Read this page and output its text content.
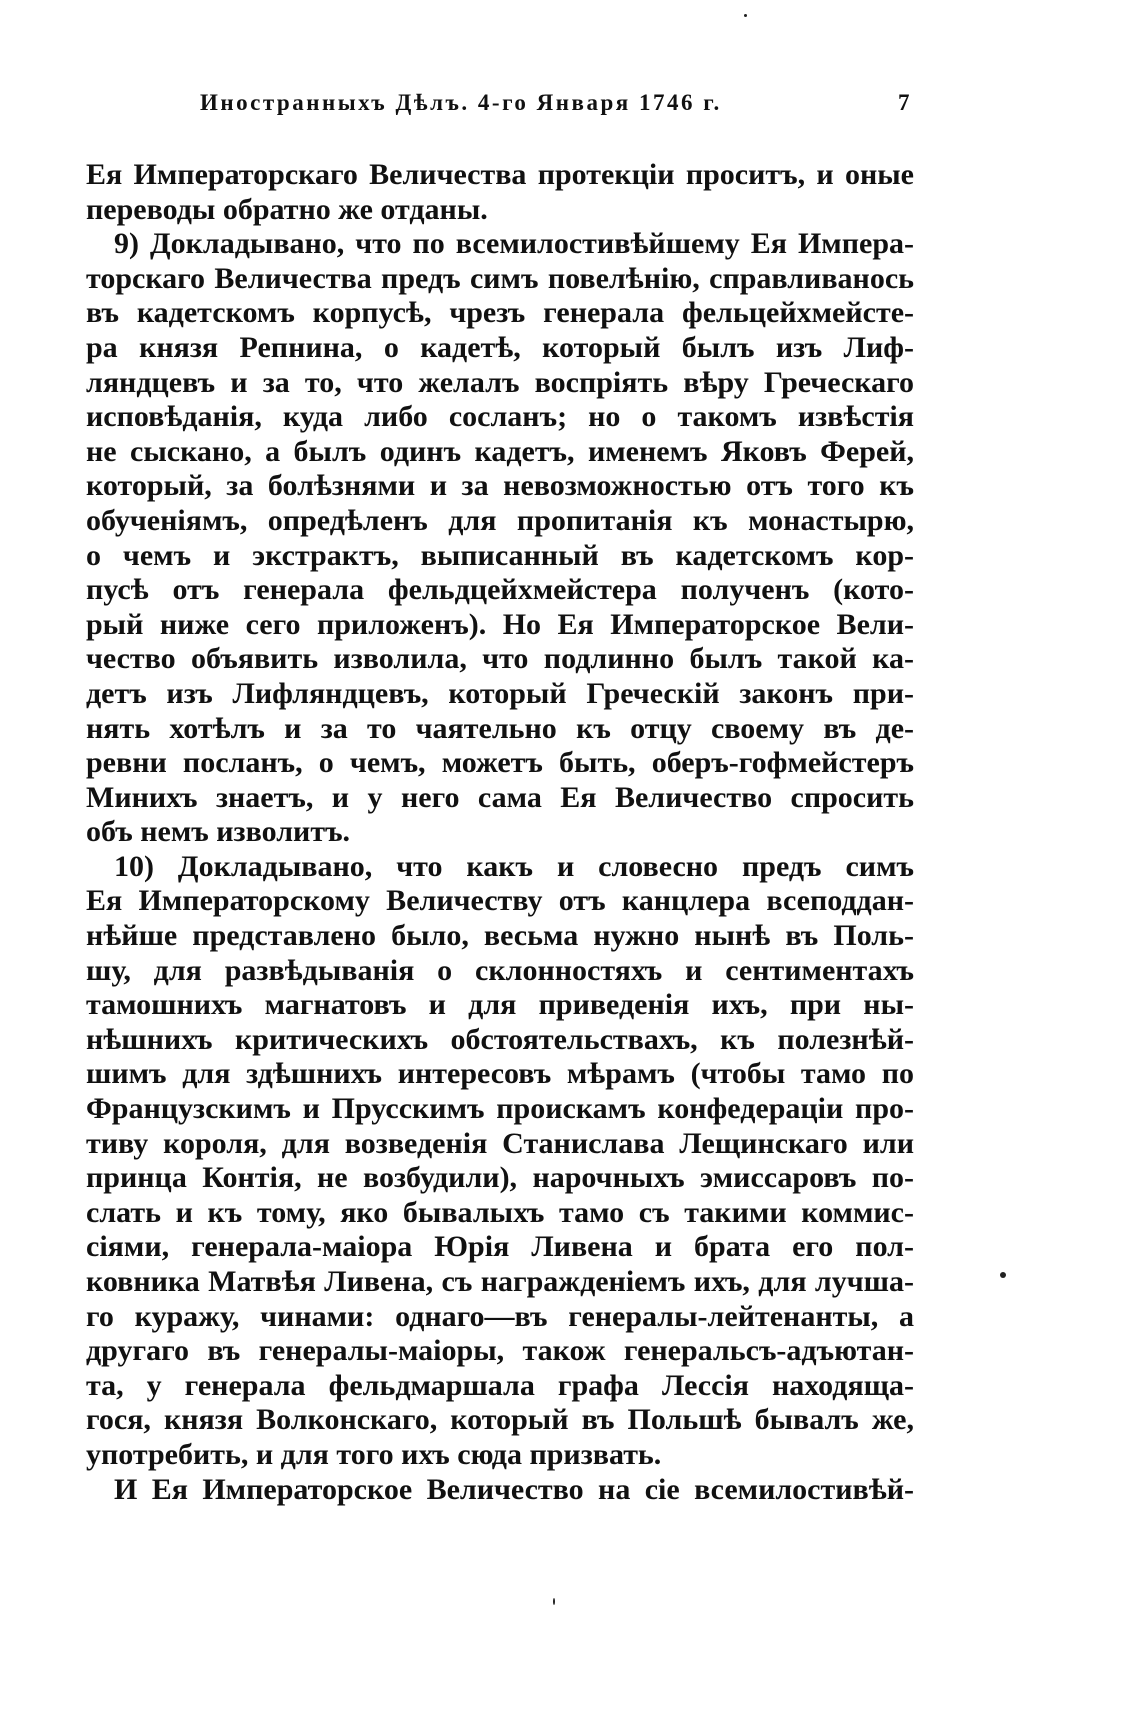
Иностранныхъ Дѣлъ. 4-го Января 1746 г.	7
Ея Императорскаго Величества протекціи проситъ, и оные
переводы обратно же отданы.
9) Докладывано, что по всемилостивѣйшему Ея Импера-
торскаго Величества предъ симъ повелѣнію, справливанось
въ кадетскомъ корпусѣ, чрезъ генерала фельцейхмейсте-
ра князя Репнина, о кадетѣ, который былъ изъ Лиф-
ляндцевъ и за то, что желалъ воспріять вѣру Греческаго
исповѣданія, куда либо сосланъ; но о такомъ извѣстія
не сыскано, а былъ одинъ кадетъ, именемъ Яковъ Ферей,
который, за болѣзнями и за невозможностью отъ того къ
обученіямъ, опредѣленъ для пропитанія къ монастырю,
о чемъ и экстрактъ, выписанный въ кадетскомъ кор-
пусѣ отъ генерала фельдцейхмейстера полученъ (кото-
рый ниже сего приложенъ). Но Ея Императорское Вели-
чество объявить изволила, что подлинно былъ такой ка-
детъ изъ Лифляндцевъ, который Греческій законъ при-
нять хотѣлъ и за то чаятельно къ отцу своему въ де-
ревни посланъ, о чемъ, можетъ быть, оберъ-гофмейстеръ
Минихъ знаетъ, и у него сама Ея Величество спросить
объ немъ изволитъ.
10) Докладывано, что какъ и словесно предъ симъ
Ея Императорскому Величеству отъ канцлера всеподдан-
нѣйше представлено было, весьма нужно нынѣ въ Поль-
шу, для развѣдыванія о склонностяхъ и сентиментахъ
тамошнихъ магнатовъ и для приведенія ихъ, при ны-
нѣшнихъ критическихъ обстоятельствахъ, къ полезнѣй-
шимъ для здѣшнихъ интересовъ мѣрамъ (чтобы тамо по
Французскимъ и Прусскимъ проискамъ конфедераціи про-
тиву короля, для возведенія Станислава Лещинскаго или
принца Контія, не возбудили), нарочныхъ эмиссаровъ по-
слать и къ тому, яко бывалыхъ тамо съ такими коммис-
сіями, генерала-маіора Юрія Ливена и брата его пол-
ковника Матвѣя Ливена, съ награжденіемъ ихъ, для лучша-
го куражу, чинами: однаго—въ генералы-лейтенанты, а
другаго въ генералы-маіоры, також генеральсъ-адъютан-
та, у генерала фельдмаршала графа Лессія находяща-
гося, князя Волконскаго, который въ Польшѣ бывалъ же,
употребить, и для того ихъ сюда призвать.
И Ея Императорское Величество на сіе всемилостивѣй-
